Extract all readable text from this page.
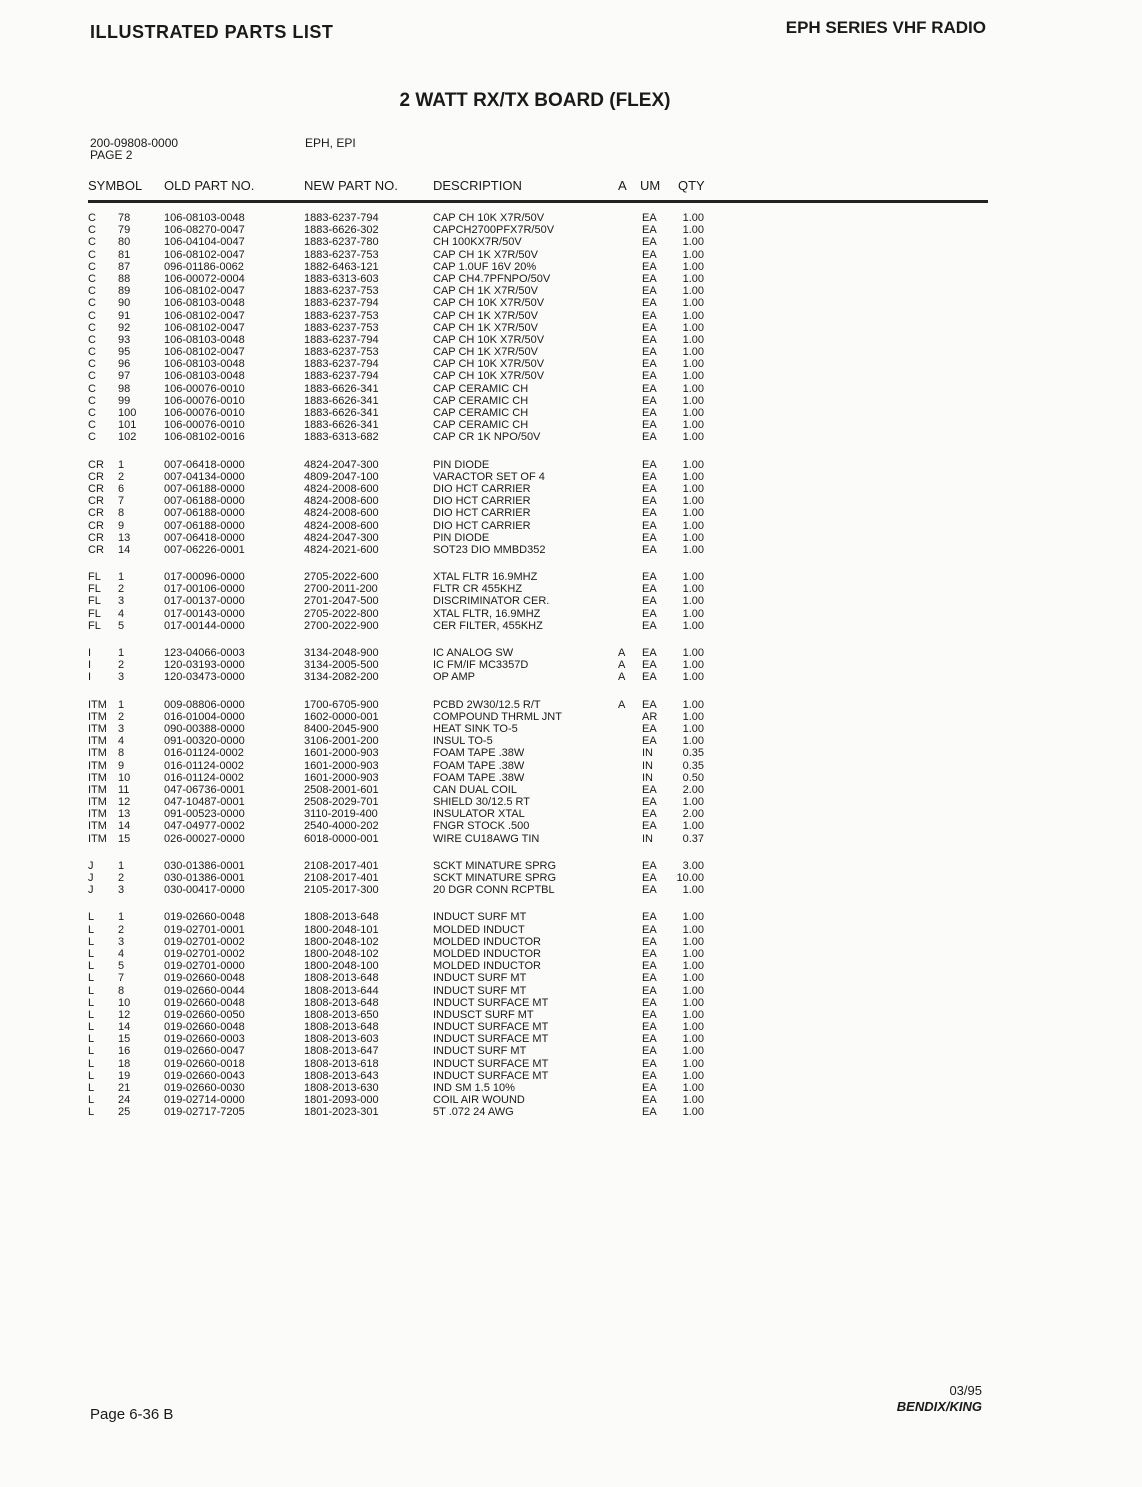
ILLUSTRATED PARTS LIST	EPH SERIES VHF RADIO
2 WATT RX/TX BOARD (FLEX)
200-09808-0000
PAGE 2
EPH, EPI
SYMBOL OLD PART NO.	NEW PART NO.	DESCRIPTION	A UM QTY
C 78	106-08103-0048	1883-6237-794	CAP CH 10K X7R/50V	EA	1.00
C 79	106-08270-0047	1883-6626-302	CAPCH2700PFX7R/50V	EA	1.00
C 80	106-04104-0047	1883-6237-780	CH 100KX7R/50V	EA	1.00
C 81	106-08102-0047	1883-6237-753	CAP CH 1K X7R/50V	EA	1.00
C 87	096-01186-0062	1882-6463-121	CAP 1.0UF 16V 20%	EA	1.00
C 88	106-00072-0004	1883-6313-603	CAP CH4.7PFNPO/50V	EA	1.00
C 89	106-08102-0047	1883-6237-753	CAP CH 1K X7R/50V	EA	1.00
C 90	106-08103-0048	1883-6237-794	CAP CH 10K X7R/50V	EA	1.00
C 91	106-08102-0047	1883-6237-753	CAP CH 1K X7R/50V	EA	1.00
C 92	106-08102-0047	1883-6237-753	CAP CH 1K X7R/50V	EA	1.00
C 93	106-08103-0048	1883-6237-794	CAP CH 10K X7R/50V	EA	1.00
C 95	106-08102-0047	1883-6237-753	CAP CH 1K X7R/50V	EA	1.00
C 96	106-08103-0048	1883-6237-794	CAP CH 10K X7R/50V	EA	1.00
C 97	106-08103-0048	1883-6237-794	CAP CH 10K X7R/50V	EA	1.00
C 98	106-00076-0010	1883-6626-341	CAP CERAMIC CH	EA	1.00
C 99	106-00076-0010	1883-6626-341	CAP CERAMIC CH	EA	1.00
C 100	106-00076-0010	1883-6626-341	CAP CERAMIC CH	EA	1.00
C 101	106-00076-0010	1883-6626-341	CAP CERAMIC CH	EA	1.00
C 102	106-08102-0016	1883-6313-682	CAP CR 1K NPO/50V	EA	1.00
CR 1	007-06418-0000	4824-2047-300	PIN DIODE	EA	1.00
CR 2	007-04134-0000	4809-2047-100	VARACTOR SET OF 4	EA	1.00
CR 6	007-06188-0000	4824-2008-600	DIO HCT CARRIER	EA	1.00
CR 7	007-06188-0000	4824-2008-600	DIO HCT CARRIER	EA	1.00
CR 8	007-06188-0000	4824-2008-600	DIO HCT CARRIER	EA	1.00
CR 9	007-06188-0000	4824-2008-600	DIO HCT CARRIER	EA	1.00
CR 13	007-06418-0000	4824-2047-300	PIN DIODE	EA	1.00
CR 14	007-06226-0001	4824-2021-600	SOT23 DIO MMBD352	EA	1.00
FL 1	017-00096-0000	2705-2022-600	XTAL FLTR 16.9MHZ	EA	1.00
FL 2	017-00106-0000	2700-2011-200	FLTR CR 455KHZ	EA	1.00
FL 3	017-00137-0000	2701-2047-500	DISCRIMINATOR CER.	EA	1.00
FL 4	017-00143-0000	2705-2022-800	XTAL FLTR, 16.9MHZ	EA	1.00
FL 5	017-00144-0000	2700-2022-900	CER FILTER, 455KHZ	EA	1.00
I 1	123-04066-0003	3134-2048-900	IC ANALOG SW	A EA	1.00
I 2	120-03193-0000	3134-2005-500	IC FM/IF MC3357D	A EA	1.00
I 3	120-03473-0000	3134-2082-200	OP AMP	A EA	1.00
ITM 1	009-08806-0000	1700-6705-900	PCBD 2W30/12.5 R/T	A EA	1.00
ITM 2	016-01004-0000	1602-0000-001	COMPOUND THRML JNT	AR	1.00
ITM 3	090-00388-0000	8400-2045-900	HEAT SINK TO-5	EA	1.00
ITM 4	091-00320-0000	3106-2001-200	INSUL TO-5	EA	1.00
ITM 8	016-01124-0002	1601-2000-903	FOAM TAPE .38W	IN	0.35
ITM 9	016-01124-0002	1601-2000-903	FOAM TAPE .38W	IN	0.35
ITM 10	016-01124-0002	1601-2000-903	FOAM TAPE .38W	IN	0.50
ITM 11	047-06736-0001	2508-2001-601	CAN DUAL COIL	EA	2.00
ITM 12	047-10487-0001	2508-2029-701	SHIELD 30/12.5 RT	EA	1.00
ITM 13	091-00523-0000	3110-2019-400	INSULATOR XTAL	EA	2.00
ITM 14	047-04977-0002	2540-4000-202	FNGR STOCK .500	EA	1.00
ITM 15	026-00027-0000	6018-0000-001	WIRE CU18AWG TIN	IN	0.37
J 1	030-01386-0001	2108-2017-401	SCKT MINATURE SPRG	EA	3.00
J 2	030-01386-0001	2108-2017-401	SCKT MINATURE SPRG	EA 10.00
J 3	030-00417-0000	2105-2017-300	20 DGR CONN RCPTBL	EA	1.00
L 1	019-02660-0048	1808-2013-648	INDUCT SURF MT	EA	1.00
L 2	019-02701-0001	1800-2048-101	MOLDED INDUCT	EA	1.00
L 3	019-02701-0002	1800-2048-102	MOLDED INDUCTOR	EA	1.00
L 4	019-02701-0002	1800-2048-102	MOLDED INDUCTOR	EA	1.00
L 5	019-02701-0000	1800-2048-100	MOLDED INDUCTOR	EA	1.00
L 7	019-02660-0048	1808-2013-648	INDUCT SURF MT	EA	1.00
L 8	019-02660-0044	1808-2013-644	INDUCT SURF MT	EA	1.00
L 10	019-02660-0048	1808-2013-648	INDUCT SURFACE MT	EA	1.00
L 12	019-02660-0050	1808-2013-650	INDUSCT SURF MT	EA	1.00
L 14	019-02660-0048	1808-2013-648	INDUCT SURFACE MT	EA	1.00
L 15	019-02660-0003	1808-2013-603	INDUCT SURFACE MT	EA	1.00
L 16	019-02660-0047	1808-2013-647	INDUCT SURF MT	EA	1.00
L 18	019-02660-0018	1808-2013-618	INDUCT SURFACE MT	EA	1.00
L 19	019-02660-0043	1808-2013-643	INDUCT SURFACE MT	EA	1.00
L 21	019-02660-0030	1808-2013-630	IND SM 1.5 10%	EA	1.00
L 24	019-02714-0000	1801-2093-000	COIL AIR WOUND	EA	1.00
L 25	019-02717-7205	1801-2023-301	5T .072 24 AWG	EA	1.00
Page 6-36 B
03/95
BENDIX/KING
